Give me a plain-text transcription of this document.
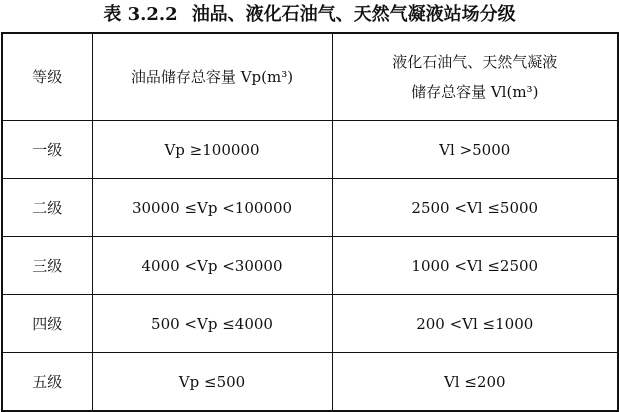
表 3.2.2 油品、液化石油气、天然气凝液站场分级
等级	油品储存总容量 Vp(m³)	液化石油气、天然气凝液
储存总容量 Vl(m³)

一级	Vp ≥100000	Vl >5000
二级	30000 ≤Vp <100000	2500 <Vl ≤5000
三级	4000 <Vp <30000	1000 <Vl ≤2500
四级	500 <Vp ≤4000	200 <Vl ≤1000
五级	Vp ≤500	Vl ≤200
